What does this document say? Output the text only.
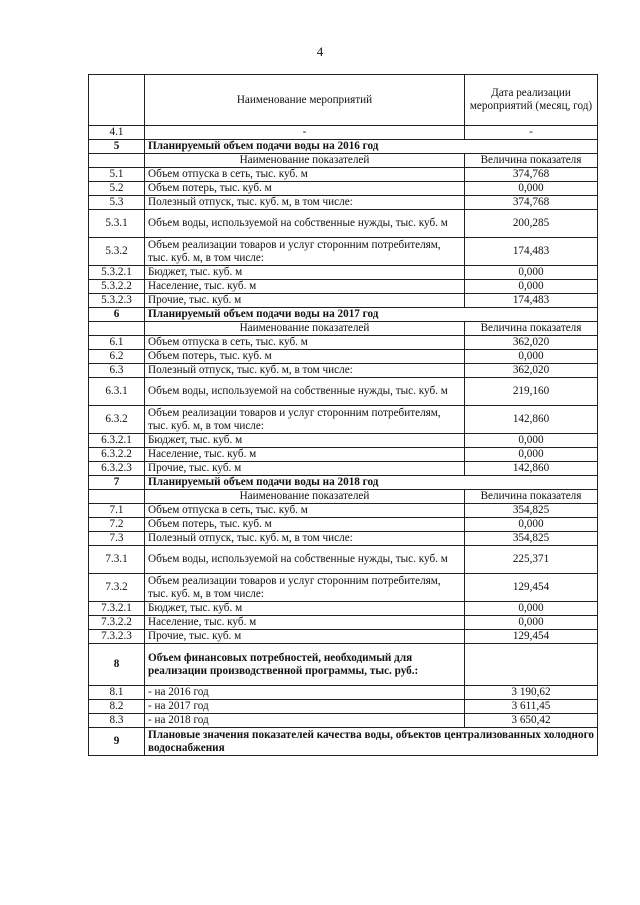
4
	Наименование мероприятий	Дата реализации мероприятий (месяц, год)
4.1	-	-
5	Планируемый объем подачи воды на 2016 год	
	Наименование показателей	Величина показателя
5.1	Объем отпуска в сеть, тыс. куб. м	374,768
5.2	Объем потерь, тыс. куб. м	0,000
5.3	Полезный отпуск, тыс. куб. м, в том числе:	374,768
5.3.1	Объем воды, используемой на собственные нужды, тыс. куб. м	200,285
5.3.2	Объем реализации товаров и услуг сторонним потребителям, тыс. куб. м, в том числе:	174,483
5.3.2.1	Бюджет, тыс. куб. м	0,000
5.3.2.2	Население, тыс. куб. м	0,000
5.3.2.3	Прочие, тыс. куб. м	174,483
6	Планируемый объем подачи воды на 2017 год	
	Наименование показателей	Величина показателя
6.1	Объем отпуска в сеть, тыс. куб. м	362,020
6.2	Объем потерь, тыс. куб. м	0,000
6.3	Полезный отпуск, тыс. куб. м, в том числе:	362,020
6.3.1	Объем воды, используемой на собственные нужды, тыс. куб. м	219,160
6.3.2	Объем реализации товаров и услуг сторонним потребителям, тыс. куб. м, в том числе:	142,860
6.3.2.1	Бюджет, тыс. куб. м	0,000
6.3.2.2	Население, тыс. куб. м	0,000
6.3.2.3	Прочие, тыс. куб. м	142,860
7	Планируемый объем подачи воды на 2018 год	
	Наименование показателей	Величина показателя
7.1	Объем отпуска в сеть, тыс. куб. м	354,825
7.2	Объем потерь, тыс. куб. м	0,000
7.3	Полезный отпуск, тыс. куб. м, в том числе:	354,825
7.3.1	Объем воды, используемой на собственные нужды, тыс. куб. м	225,371
7.3.2	Объем реализации товаров и услуг сторонним потребителям, тыс. куб. м, в том числе:	129,454
7.3.2.1	Бюджет, тыс. куб. м	0,000
7.3.2.2	Население, тыс. куб. м	0,000
7.3.2.3	Прочие, тыс. куб. м	129,454
8	Объем финансовых потребностей, необходимый для реализации производственной программы, тыс. руб.:	
8.1	- на 2016 год	3 190,62
8.2	- на 2017 год	3 611,45
8.3	- на 2018 год	3 650,42
9	Плановые значения показателей качества воды, объектов централизованных холодного водоснабжения	
